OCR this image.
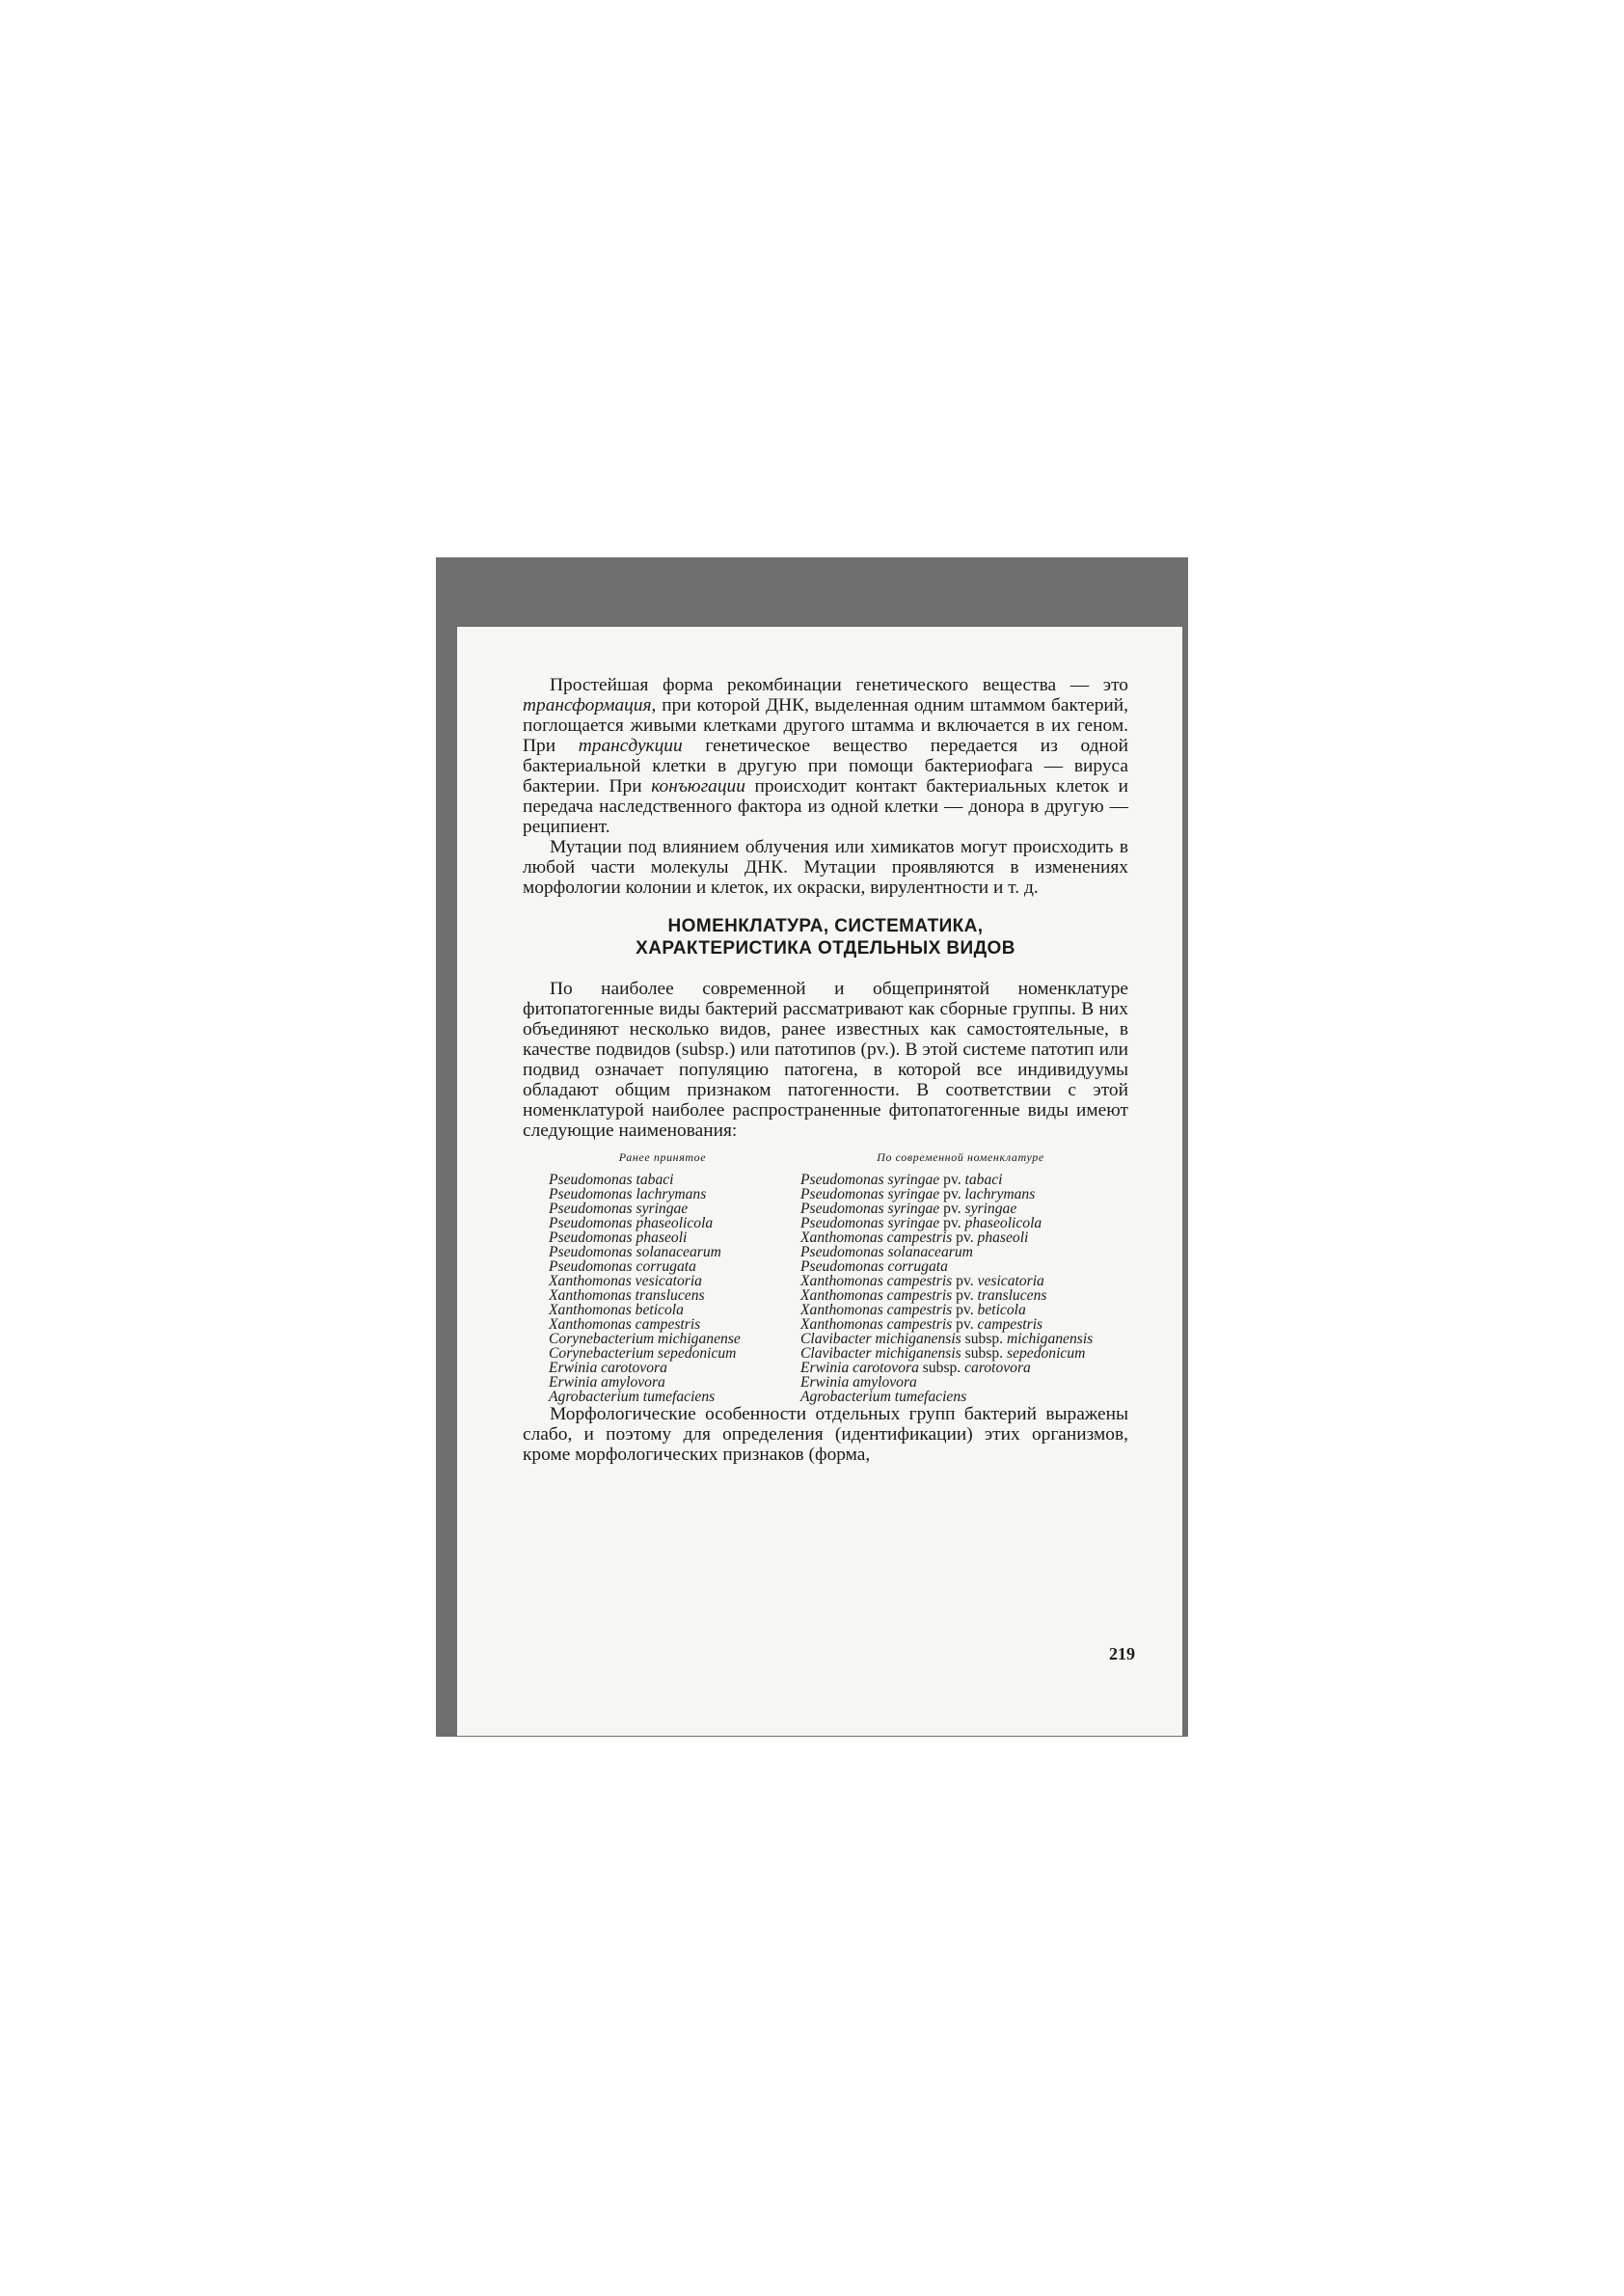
Простейшая форма рекомбинации генетического вещества — это трансформация, при которой ДНК, выделенная одним штаммом бактерий, поглощается живыми клетками другого штамма и включается в их геном. При трансдукции генетическое вещество передается из одной бактериальной клетки в другую при помощи бактериофага — вируса бактерии. При конъюгации происходит контакт бактериальных клеток и передача наследственного фактора из одной клетки — донора в другую — реципиент.

Мутации под влиянием облучения или химикатов могут происходить в любой части молекулы ДНК. Мутации проявляются в изменениях морфологии колонии и клеток, их окраски, вирулентности и т. д.

НОМЕНКЛАТУРА, СИСТЕМАТИКА,
ХАРАКТЕРИСТИКА ОТДЕЛЬНЫХ ВИДОВ

По наиболее современной и общепринятой номенклатуре фитопатогенные виды бактерий рассматривают как сборные группы. В них объединяют несколько видов, ранее известных как самостоятельные, в качестве подвидов (subsp.) или патотипов (pv.). В этой системе патотип или подвид означает популяцию патогена, в которой все индивидуумы обладают общим признаком патогенности. В соответствии с этой номенклатурой наиболее распространенные фитопатогенные виды имеют следующие наименования:

Ранее принятое	По современной номенклатуре
Pseudomonas tabaci	Pseudomonas syringae pv. tabaci
Pseudomonas lachrymans	Pseudomonas syringae pv. lachrymans
Pseudomonas syringae	Pseudomonas syringae pv. syringae
Pseudomonas phaseolicola	Pseudomonas syringae pv. phaseolicola
Pseudomonas phaseoli	Xanthomonas campestris pv. phaseoli
Pseudomonas solanacearum	Pseudomonas solanacearum
Pseudomonas corrugata	Pseudomonas corrugata
Xanthomonas vesicatoria	Xanthomonas campestris pv. vesicatoria
Xanthomonas translucens	Xanthomonas campestris pv. translucens
Xanthomonas beticola	Xanthomonas campestris pv. beticola
Xanthomonas campestris	Xanthomonas campestris pv. campestris
Corynebacterium michiganense	Clavibacter michiganensis subsp. michiganensis
Corynebacterium sepedonicum	Clavibacter michiganensis subsp. sepedonicum
Erwinia carotovora	Erwinia carotovora subsp. carotovora
Erwinia amylovora	Erwinia amylovora
Agrobacterium tumefaciens	Agrobacterium tumefaciens

Морфологические особенности отдельных групп бактерий выражены слабо, и поэтому для определения (идентификации) этих организмов, кроме морфологических признаков (форма,

219
